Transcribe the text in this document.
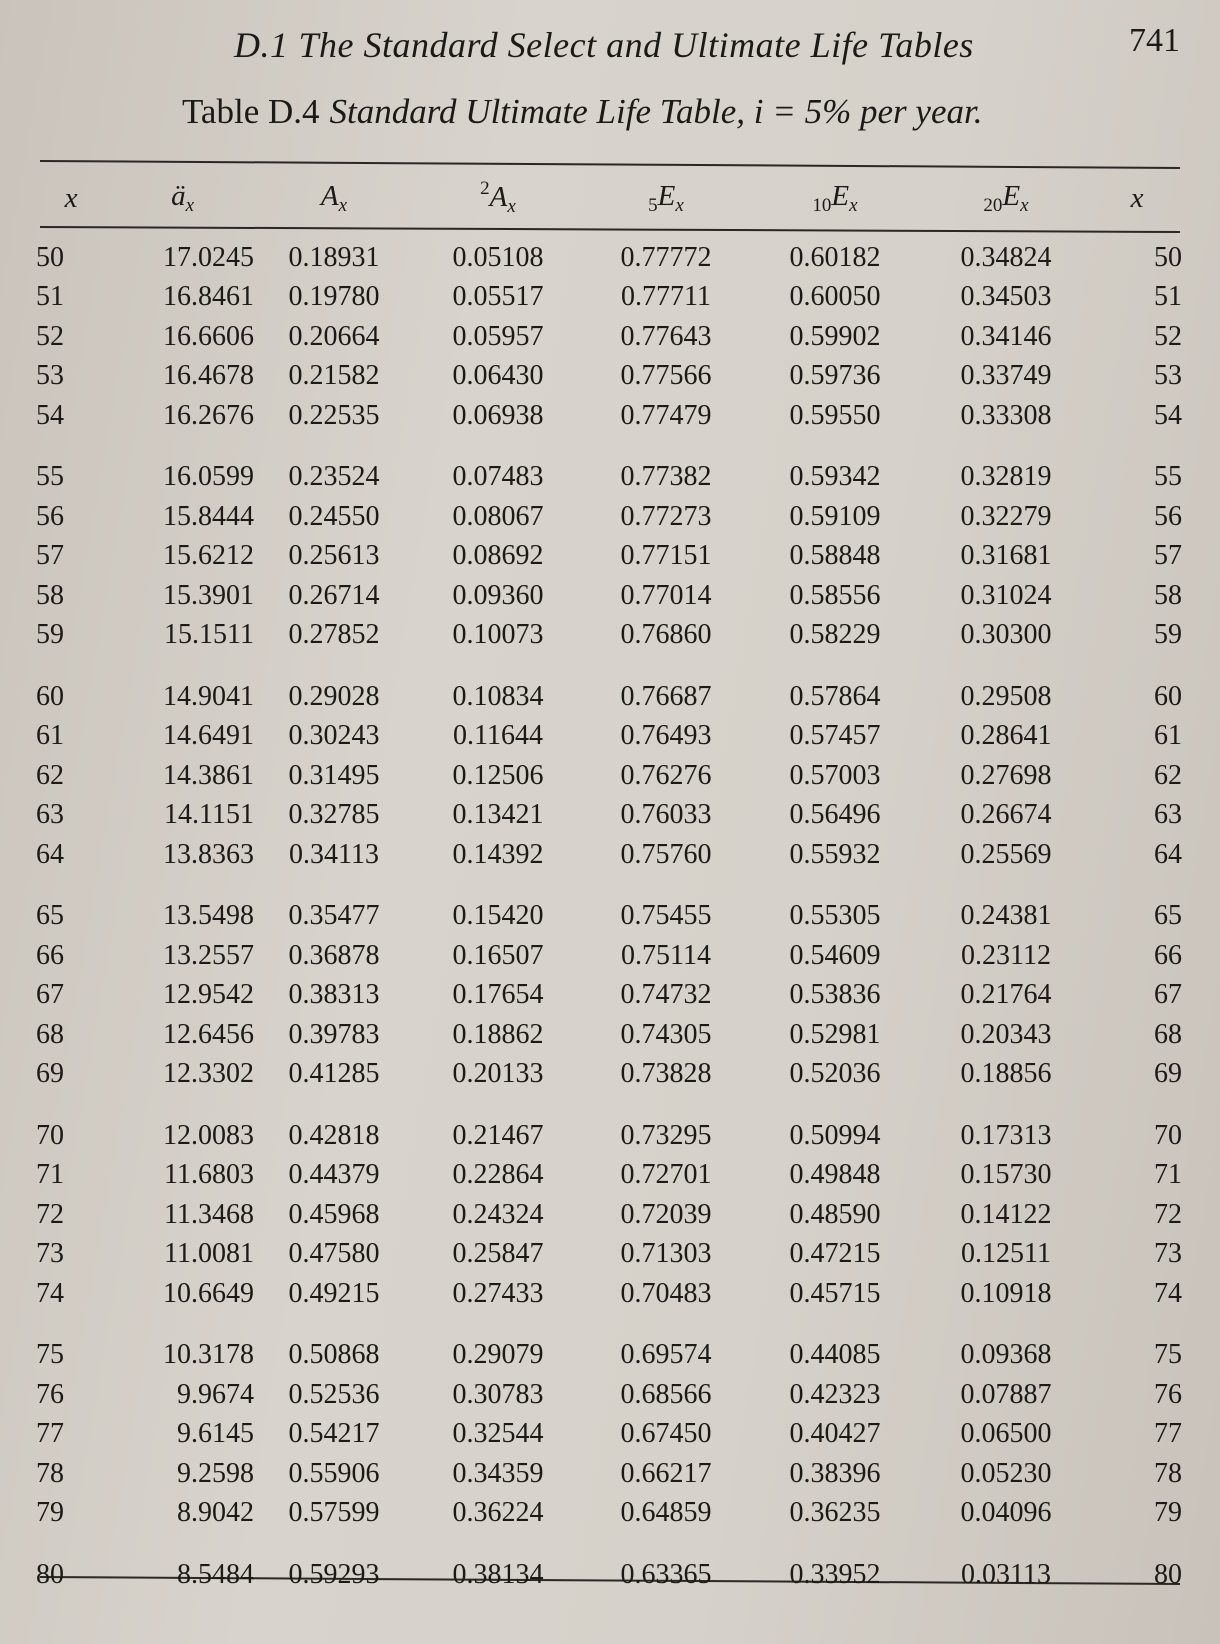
D.1 The Standard Select and Ultimate Life Tables	741
Table D.4 Standard Ultimate Life Table, i = 5% per year.
x	$ä_x$	$A_x$	$^2A_x$	$_5E_x$	$_{10}E_x$	$_{20}E_x$	x
50	17.0245	0.18931	0.05108	0.77772	0.60182	0.34824	50
51	16.8461	0.19780	0.05517	0.77711	0.60050	0.34503	51
52	16.6606	0.20664	0.05957	0.77643	0.59902	0.34146	52
53	16.4678	0.21582	0.06430	0.77566	0.59736	0.33749	53
54	16.2676	0.22535	0.06938	0.77479	0.59550	0.33308	54
55	16.0599	0.23524	0.07483	0.77382	0.59342	0.32819	55
56	15.8444	0.24550	0.08067	0.77273	0.59109	0.32279	56
57	15.6212	0.25613	0.08692	0.77151	0.58848	0.31681	57
58	15.3901	0.26714	0.09360	0.77014	0.58556	0.31024	58
59	15.1511	0.27852	0.10073	0.76860	0.58229	0.30300	59
60	14.9041	0.29028	0.10834	0.76687	0.57864	0.29508	60
61	14.6491	0.30243	0.11644	0.76493	0.57457	0.28641	61
62	14.3861	0.31495	0.12506	0.76276	0.57003	0.27698	62
63	14.1151	0.32785	0.13421	0.76033	0.56496	0.26674	63
64	13.8363	0.34113	0.14392	0.75760	0.55932	0.25569	64
65	13.5498	0.35477	0.15420	0.75455	0.55305	0.24381	65
66	13.2557	0.36878	0.16507	0.75114	0.54609	0.23112	66
67	12.9542	0.38313	0.17654	0.74732	0.53836	0.21764	67
68	12.6456	0.39783	0.18862	0.74305	0.52981	0.20343	68
69	12.3302	0.41285	0.20133	0.73828	0.52036	0.18856	69
70	12.0083	0.42818	0.21467	0.73295	0.50994	0.17313	70
71	11.6803	0.44379	0.22864	0.72701	0.49848	0.15730	71
72	11.3468	0.45968	0.24324	0.72039	0.48590	0.14122	72
73	11.0081	0.47580	0.25847	0.71303	0.47215	0.12511	73
74	10.6649	0.49215	0.27433	0.70483	0.45715	0.10918	74
75	10.3178	0.50868	0.29079	0.69574	0.44085	0.09368	75
76	9.9674	0.52536	0.30783	0.68566	0.42323	0.07887	76
77	9.6145	0.54217	0.32544	0.67450	0.40427	0.06500	77
78	9.2598	0.55906	0.34359	0.66217	0.38396	0.05230	78
79	8.9042	0.57599	0.36224	0.64859	0.36235	0.04096	79
80	8.5484	0.59293	0.38134	0.63365	0.33952	0.03113	80
